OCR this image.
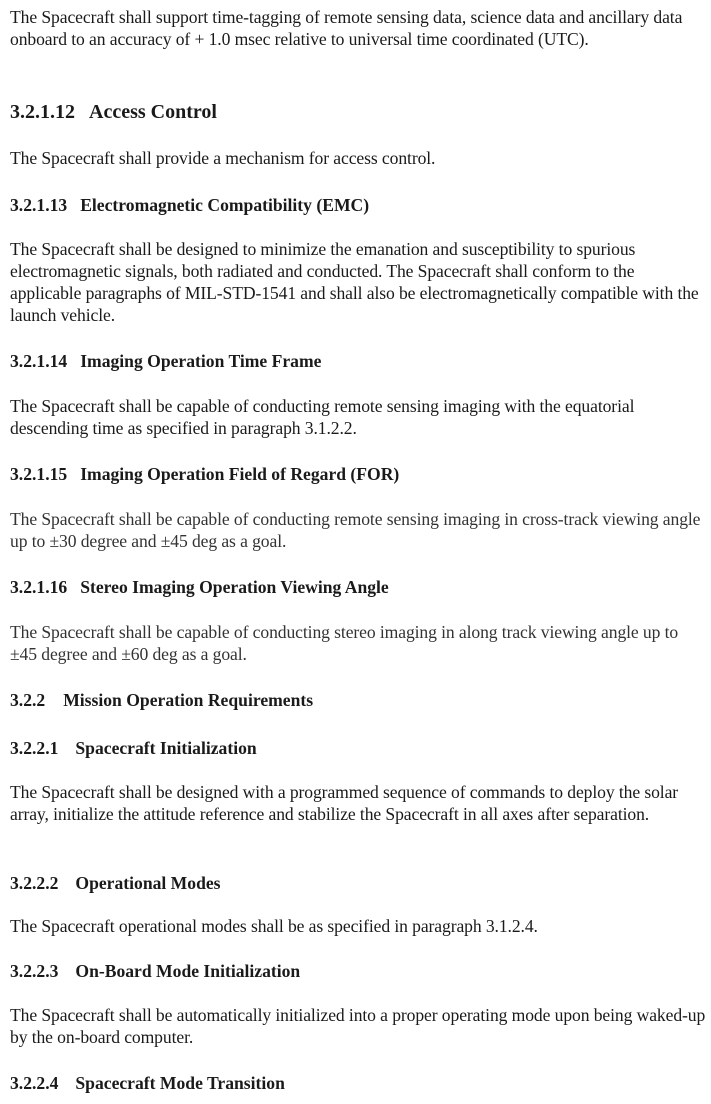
The Spacecraft shall support time-tagging of remote sensing data, science data and ancillary data onboard to an accuracy of + 1.0 msec relative to universal time coordinated (UTC).

3.2.1.12 Access Control

The Spacecraft shall provide a mechanism for access control.

3.2.1.13 Electromagnetic Compatibility (EMC)

The Spacecraft shall be designed to minimize the emanation and susceptibility to spurious electromagnetic signals, both radiated and conducted. The Spacecraft shall conform to the applicable paragraphs of MIL-STD-1541 and shall also be electromagnetically compatible with the launch vehicle.

3.2.1.14 Imaging Operation Time Frame

The Spacecraft shall be capable of conducting remote sensing imaging with the equatorial descending time as specified in paragraph 3.1.2.2.

3.2.1.15 Imaging Operation Field of Regard (FOR)

The Spacecraft shall be capable of conducting remote sensing imaging in cross-track viewing angle up to ±30 degree and ±45 deg as a goal.

3.2.1.16 Stereo Imaging Operation Viewing Angle

The Spacecraft shall be capable of conducting stereo imaging in along track viewing angle up to ±45 degree and ±60 deg as a goal.

3.2.2 Mission Operation Requirements
3.2.2.1 Spacecraft Initialization

The Spacecraft shall be designed with a programmed sequence of commands to deploy the solar array, initialize the attitude reference and stabilize the Spacecraft in all axes after separation.

3.2.2.2 Operational Modes

The Spacecraft operational modes shall be as specified in paragraph 3.1.2.4.

3.2.2.3 On-Board Mode Initialization

The Spacecraft shall be automatically initialized into a proper operating mode upon being waked-up by the on-board computer.

3.2.2.4 Spacecraft Mode Transition
